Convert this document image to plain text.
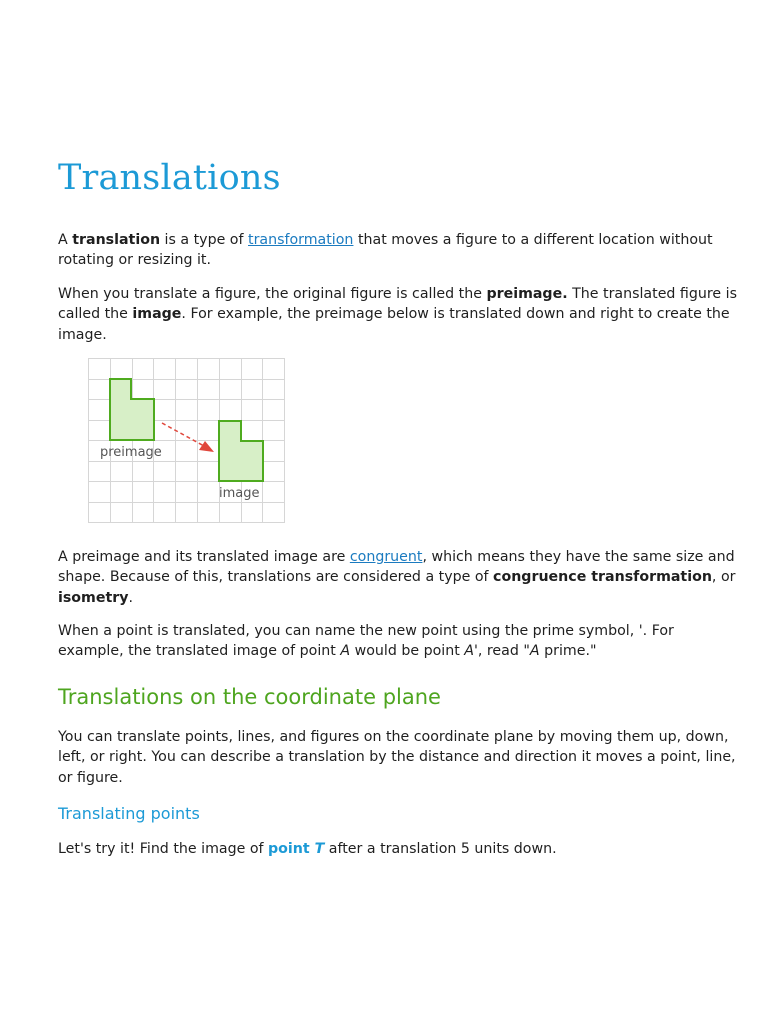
Translations

A translation is a type of transformation that moves a figure to a different location without rotating or resizing it.

When you translate a figure, the original figure is called the preimage. The translated figure is called the image. For example, the preimage below is translated down and right to create the image.

A preimage and its translated image are congruent, which means they have the same size and shape. Because of this, translations are considered a type of congruence transformation, or isometry.

When a point is translated, you can name the new point using the prime symbol, '. For example, the translated image of point A would be point A', read "A prime."

Translations on the coordinate plane

You can translate points, lines, and figures on the coordinate plane by moving them up, down, left, or right. You can describe a translation by the distance and direction it moves a point, line, or figure.

Translating points

Let's try it! Find the image of point T after a translation 5 units down.

preimage
image
